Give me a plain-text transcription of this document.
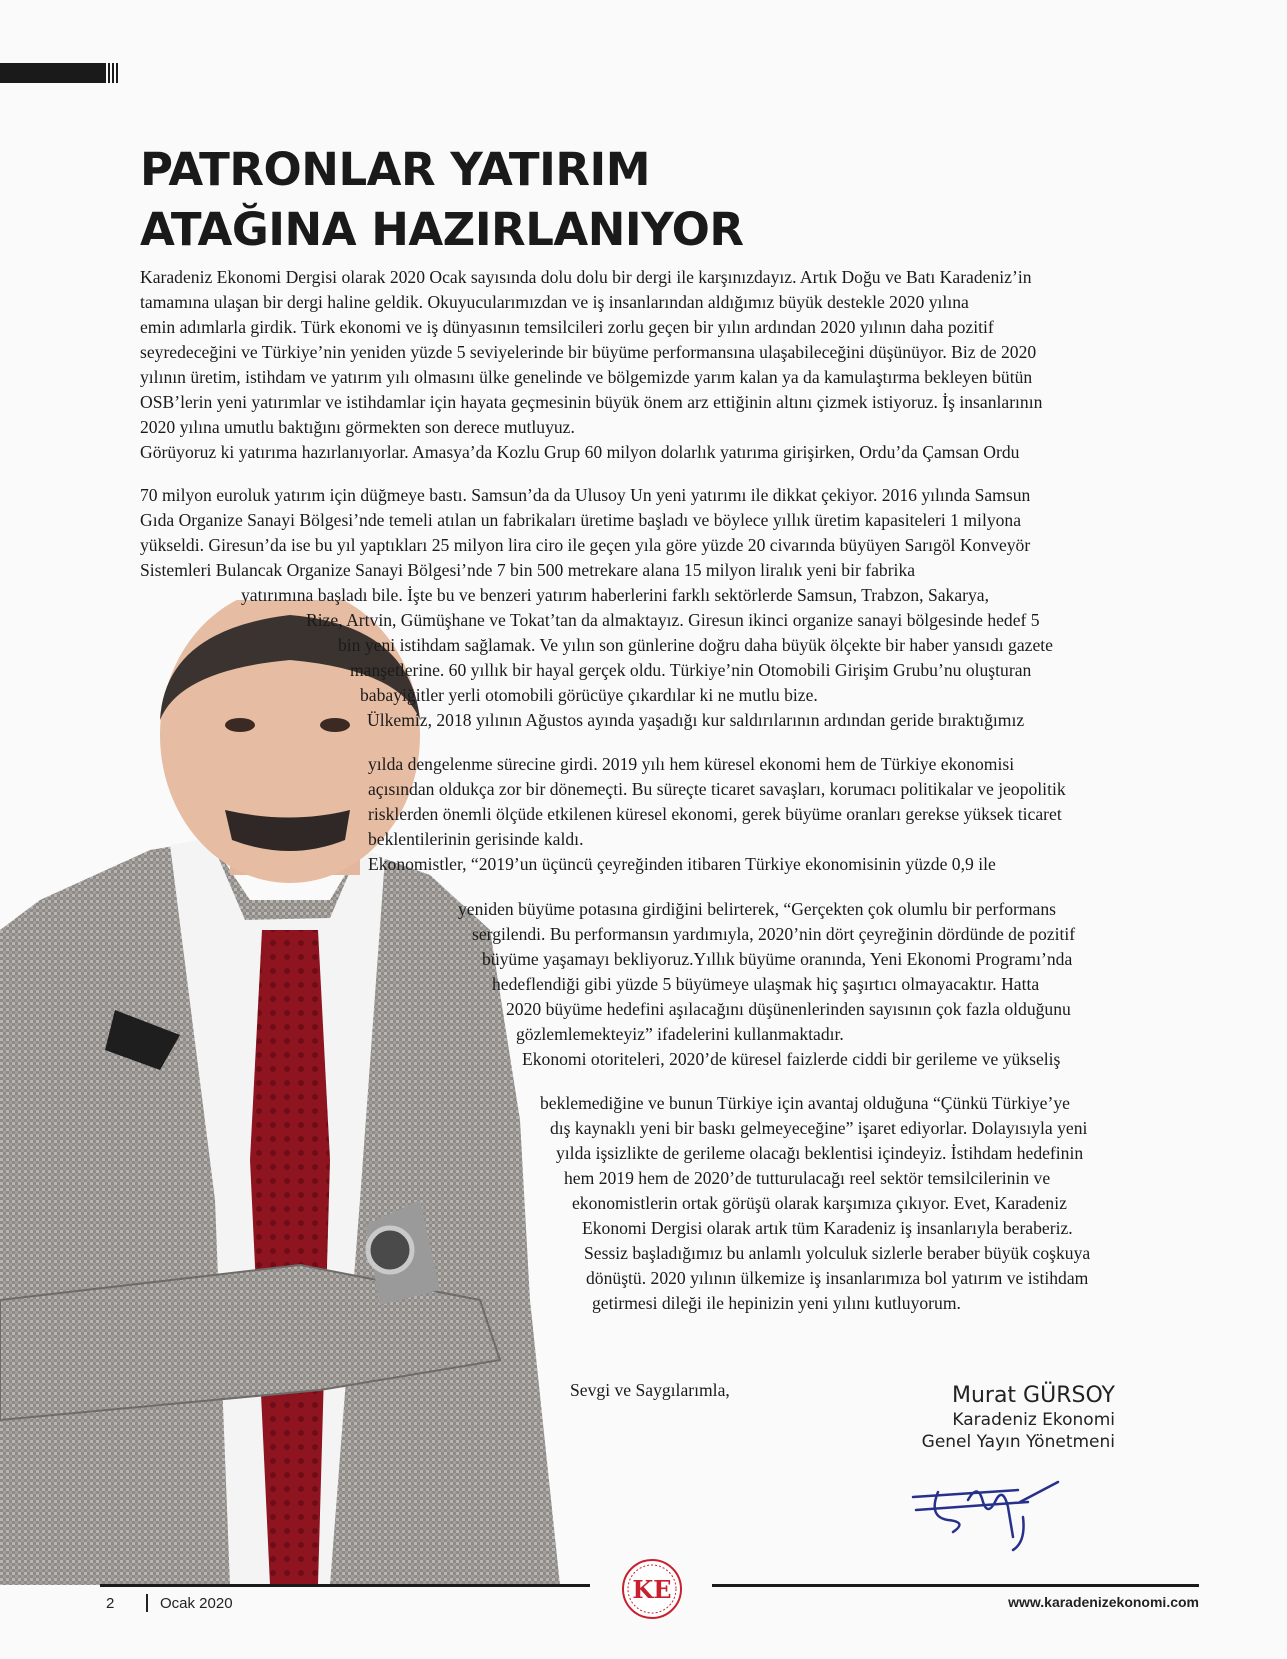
PATRONLAR YATIRIM
ATAĞINA HAZIRLANIYOR
Karadeniz Ekonomi Dergisi olarak 2020 Ocak sayısında dolu dolu bir dergi ile karşınızdayız. Artık Doğu ve Batı Karadeniz’in
tamamına ulaşan bir dergi haline geldik. Okuyucularımızdan ve iş insanlarından aldığımız büyük destekle 2020 yılına
emin adımlarla girdik. Türk ekonomi ve iş dünyasının temsilcileri zorlu geçen bir yılın ardından 2020 yılının daha pozitif
seyredeceğini ve Türkiye’nin yeniden yüzde 5 seviyelerinde bir büyüme performansına ulaşabileceğini düşünüyor. Biz de 2020
yılının üretim, istihdam ve yatırım yılı olmasını ülke genelinde ve bölgemizde yarım kalan ya da kamulaştırma bekleyen bütün
OSB’lerin yeni yatırımlar ve istihdamlar için hayata geçmesinin büyük önem arz ettiğinin altını çizmek istiyoruz. İş insanlarının
2020 yılına umutlu baktığını görmekten son derece mutluyuz.
Görüyoruz ki yatırıma hazırlanıyorlar. Amasya’da Kozlu Grup 60 milyon dolarlık yatırıma girişirken, Ordu’da Çamsan Ordu
70 milyon euroluk yatırım için düğmeye bastı. Samsun’da da Ulusoy Un yeni yatırımı ile dikkat çekiyor. 2016 yılında Samsun
Gıda Organize Sanayi Bölgesi’nde temeli atılan un fabrikaları üretime başladı ve böylece yıllık üretim kapasiteleri 1 milyona
yükseldi. Giresun’da ise bu yıl yaptıkları 25 milyon lira ciro ile geçen yıla göre yüzde 20 civarında büyüyen Sarıgöl Konveyör
Sistemleri Bulancak Organize Sanayi Bölgesi’nde 7 bin 500 metrekare alana 15 milyon liralık yeni bir fabrika
yatırımına başladı bile. İşte bu ve benzeri yatırım haberlerini farklı sektörlerde Samsun, Trabzon, Sakarya,
Rize, Artvin, Gümüşhane ve Tokat’tan da almaktayız. Giresun ikinci organize sanayi bölgesinde hedef 5
bin yeni istihdam sağlamak. Ve yılın son günlerine doğru daha büyük ölçekte bir haber yansıdı gazete
manşetlerine. 60 yıllık bir hayal gerçek oldu. Türkiye’nin Otomobili Girişim Grubu’nu oluşturan
babayiğitler yerli otomobili görücüye çıkardılar ki ne mutlu bize.
Ülkemiz, 2018 yılının Ağustos ayında yaşadığı kur saldırılarının ardından geride bıraktığımız
yılda dengelenme sürecine girdi. 2019 yılı hem küresel ekonomi hem de Türkiye ekonomisi
açısından oldukça zor bir dönemeçti. Bu süreçte ticaret savaşları, korumacı politikalar ve jeopolitik
risklerden önemli ölçüde etkilenen küresel ekonomi, gerek büyüme oranları gerekse yüksek ticaret
beklentilerinin gerisinde kaldı.
Ekonomistler, “2019’un üçüncü çeyreğinden itibaren Türkiye ekonomisinin yüzde 0,9 ile
yeniden büyüme potasına girdiğini belirterek, “Gerçekten çok olumlu bir performans
sergilendi. Bu performansın yardımıyla, 2020’nin dört çeyreğinin dördünde de pozitif
büyüme yaşamayı bekliyoruz.Yıllık büyüme oranında, Yeni Ekonomi Programı’nda
hedeflendiği gibi yüzde 5 büyümeye ulaşmak hiç şaşırtıcı olmayacaktır. Hatta
2020 büyüme hedefini aşılacağını düşünenlerinden sayısının çok fazla olduğunu
gözlemlemekteyiz” ifadelerini kullanmaktadır.
Ekonomi otoriteleri, 2020’de küresel faizlerde ciddi bir gerileme ve yükseliş
beklemediğine ve bunun Türkiye için avantaj olduğuna “Çünkü Türkiye’ye
dış kaynaklı yeni bir baskı gelmeyeceğine” işaret ediyorlar. Dolayısıyla yeni
yılda işsizlikte de gerileme olacağı beklentisi içindeyiz. İstihdam hedefinin
hem 2019 hem de 2020’de tutturulacağı reel sektör temsilcilerinin ve
ekonomistlerin ortak görüşü olarak karşımıza çıkıyor. Evet, Karadeniz
Ekonomi Dergisi olarak artık tüm Karadeniz iş insanlarıyla beraberiz.
Sessiz başladığımız bu anlamlı yolculuk sizlerle beraber büyük coşkuya
dönüştü. 2020 yılının ülkemize iş insanlarımıza bol yatırım ve istihdam
getirmesi dileği ile hepinizin yeni yılını kutluyorum.
Sevgi ve Saygılarımla,	Murat GÜRSOY
Karadeniz Ekonomi
Genel Yayın Yönetmeni
2	Ocak 2020	KE	www.karadenizekonomi.com
